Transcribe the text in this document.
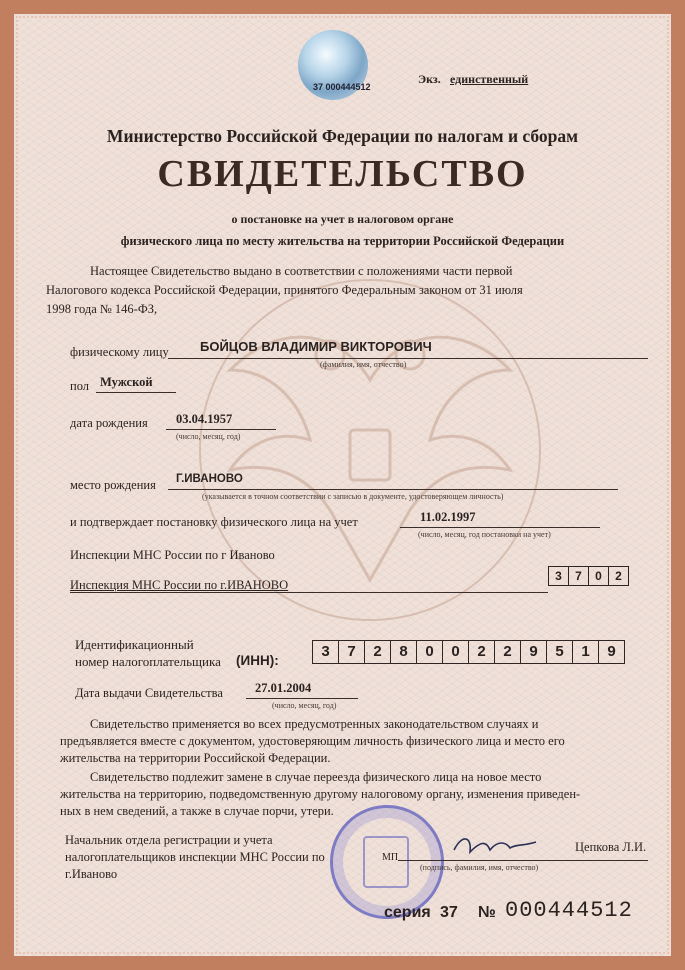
37 000444512
Экз. единственный
Министерство Российской Федерации по налогам и сборам
СВИДЕТЕЛЬСТВО
о постановке на учет в налоговом органе
физического лица по месту жительства на территории Российской Федерации
Настоящее Свидетельство выдано в соответствии с положениями части первой
Налогового кодекса Российской Федерации, принятого Федеральным законом от 31 июля
1998 года № 146-ФЗ,
физическому лицу БОЙЦОВ ВЛАДИМИР ВИКТОРОВИЧ
(фамилия, имя, отчество)
пол Мужской
дата рождения 03.04.1957
(число, месяц, год)
место рождения Г.ИВАНОВО
(указывается в точном соответствии с записью в документе, удостоверяющем личность)
и подтверждает постановку физического лица на учет	11.02.1997
(число, месяц, год постановки на учет)
Инспекции МНС России по г Иваново
Инспекция МНС России по г.ИВАНОВО
3	7	0	2
Идентификационный
номер налогоплательщика (ИНН):
3	7	2	8	0	0	2	2	9	5	1	9
Дата выдачи Свидетельства	27.01.2004
(число, месяц, год)
Свидетельство применяется во всех предусмотренных законодательством случаях и
предъявляется вместе с документом, удостоверяющим личность физического лица и место его
жительства на территории Российской Федерации.
Свидетельство подлежит замене в случае переезда физического лица на новое место
жительства на территорию, подведомственную другому налоговому органу, изменения приведен-
ных в нем сведений, а также в случае порчи, утери.
Начальник отдела регистрации и учета
налогоплательщиков инспекции МНС России по
г.Иваново
МП
(подпись, фамилия, имя, отчество)
Цепкова Л.И.
серия 37 № 000444512
